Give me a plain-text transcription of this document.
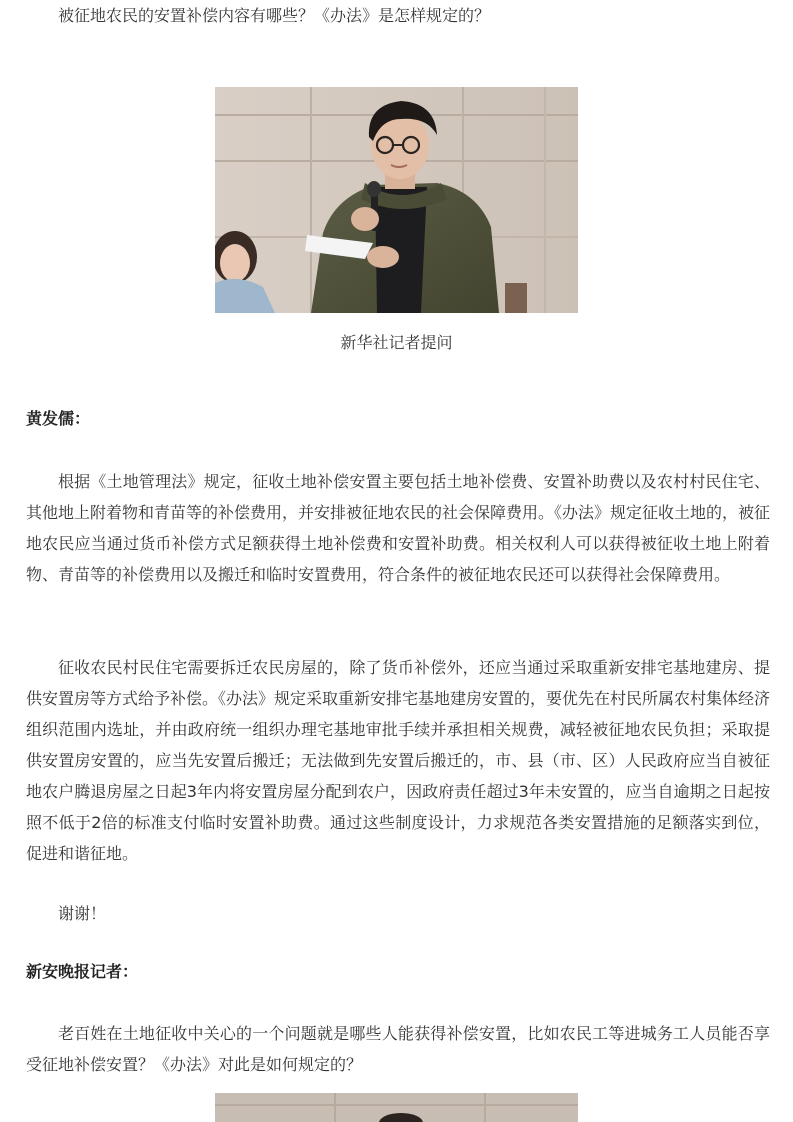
被征地农民的安置补偿内容有哪些？《办法》是怎样规定的？
新华社记者提问
黄发儒：
根据《土地管理法》规定，征收土地补偿安置主要包括土地补偿费、安置补助费以及农村村民住宅、其他地上附着物和青苗等的补偿费用，并安排被征地农民的社会保障费用。《办法》规定征收土地的，被征地农民应当通过货币补偿方式足额获得土地补偿费和安置补助费。相关权利人可以获得被征收土地上附着物、青苗等的补偿费用以及搬迁和临时安置费用，符合条件的被征地农民还可以获得社会保障费用。
征收农民村民住宅需要拆迁农民房屋的，除了货币补偿外，还应当通过采取重新安排宅基地建房、提供安置房等方式给予补偿。《办法》规定采取重新安排宅基地建房安置的，要优先在村民所属农村集体经济组织范围内选址，并由政府统一组织办理宅基地审批手续并承担相关规费，减轻被征地农民负担；采取提供安置房安置的，应当先安置后搬迁；无法做到先安置后搬迁的，市、县（市、区）人民政府应当自被征地农户腾退房屋之日起3年内将安置房屋分配到农户，因政府责任超过3年未安置的，应当自逾期之日起按照不低于2倍的标准支付临时安置补助费。通过这些制度设计，力求规范各类安置措施的足额落实到位，促进和谐征地。
谢谢！
新安晚报记者：
老百姓在土地征收中关心的一个问题就是哪些人能获得补偿安置，比如农民工等进城务工人员能否享受征地补偿安置？《办法》对此是如何规定的？
